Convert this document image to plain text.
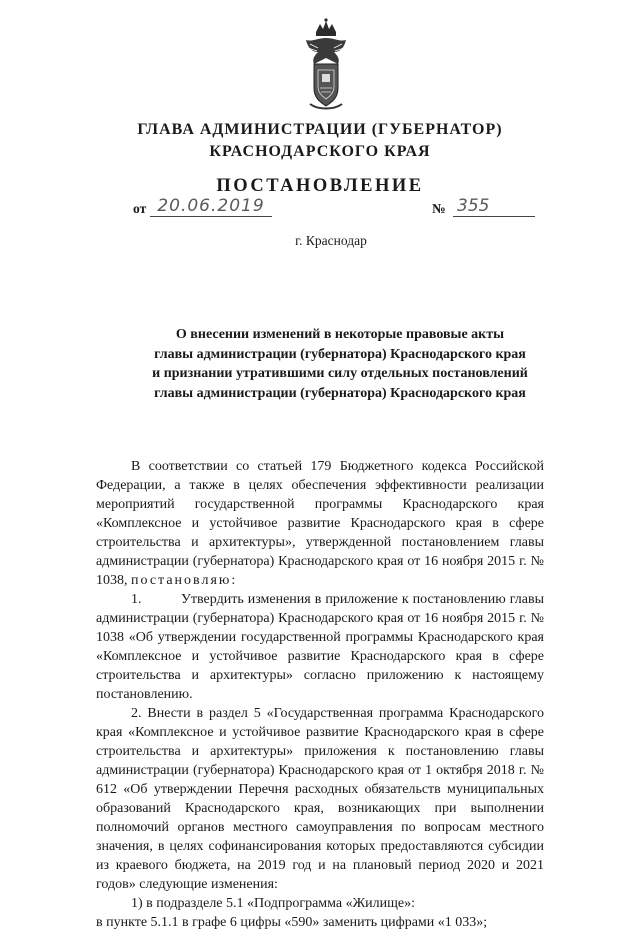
ГЛАВА АДМИНИСТРАЦИИ (ГУБЕРНАТОР)
КРАСНОДАРСКОГО КРАЯ
ПОСТАНОВЛЕНИЕ
от 20.06.2019	№ 355
г. Краснодар
О внесении изменений в некоторые правовые акты
главы администрации (губернатора) Краснодарского края
и признании утратившими силу отдельных постановлений
главы администрации (губернатора) Краснодарского края

В соответствии со статьей 179 Бюджетного кодекса Российской Федерации, а также в целях обеспечения эффективности реализации мероприятий государственной программы Краснодарского края «Комплексное и устойчивое развитие Краснодарского края в сфере строительства и архитектуры», утвержденной постановлением главы администрации (губернатора) Краснодарского края от 16 ноября 2015 г. № 1038, постановляю:

1.	Утвердить изменения в приложение к постановлению главы администрации (губернатора) Краснодарского края от 16 ноября 2015 г. № 1038 «Об утверждении государственной программы Краснодарского края «Комплексное и устойчивое развитие Краснодарского края в сфере строительства и архитектуры» согласно приложению к настоящему постановлению.

2. Внести в раздел 5 «Государственная программа Краснодарского края «Комплексное и устойчивое развитие Краснодарского края в сфере строительства и архитектуры» приложения к постановлению главы администрации (губернатора) Краснодарского края от 1 октября 2018 г. № 612 «Об утверждении Перечня расходных обязательств муниципальных образований Краснодарского края, возникающих при выполнении полномочий органов местного самоуправления по вопросам местного значения, в целях софинансирования которых предоставляются субсидии из краевого бюджета, на 2019 год и на плановый период 2020 и 2021 годов» следующие изменения:

1) в подразделе 5.1 «Подпрограмма «Жилище»:

в пункте 5.1.1 в графе 6 цифры «590» заменить цифрами «1 033»;
